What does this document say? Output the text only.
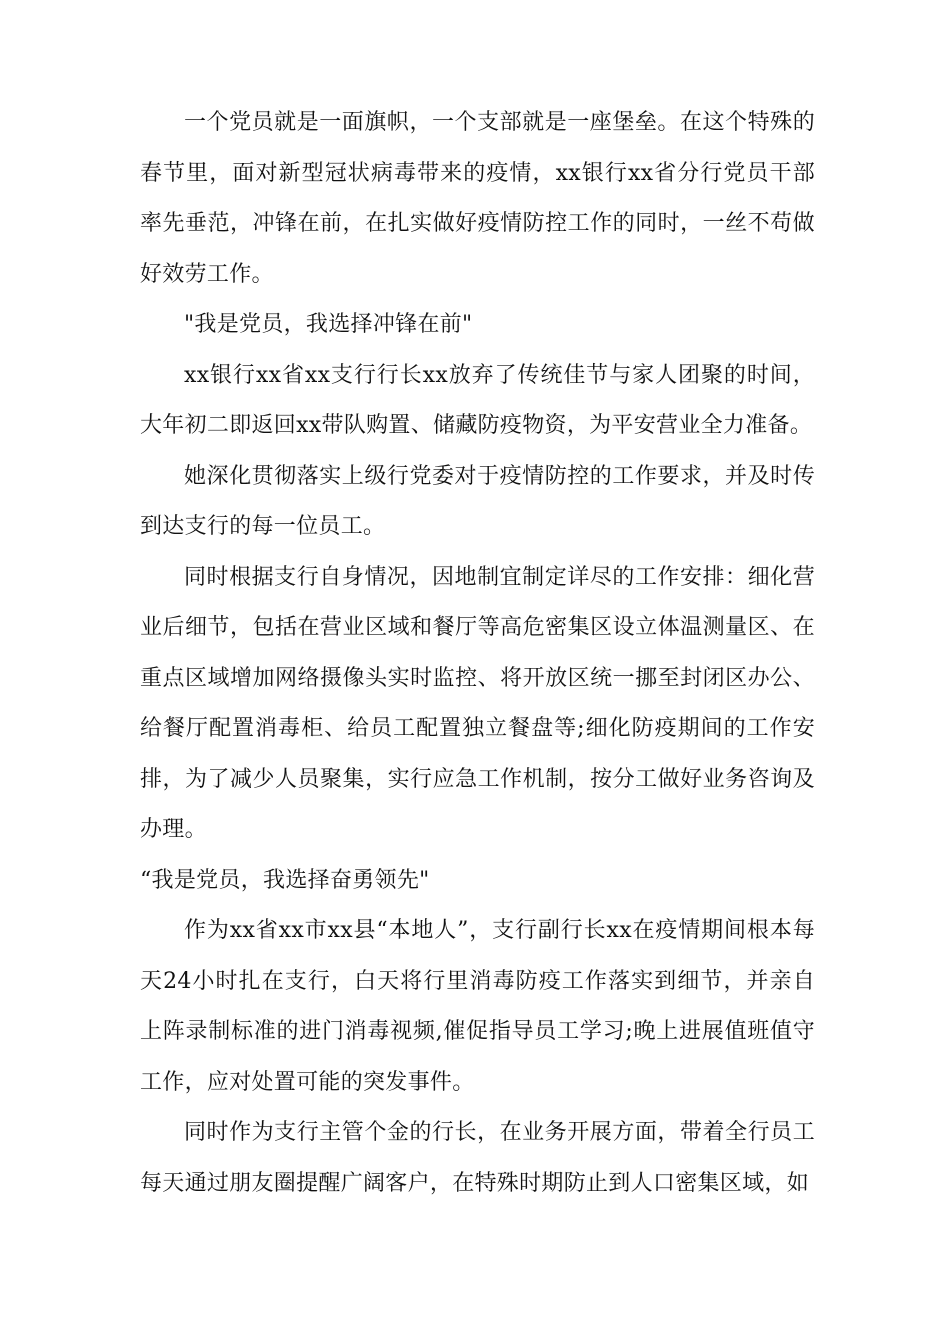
一个党员就是一面旗帜，一个支部就是一座堡垒。在这个特殊的春节里，面对新型冠状病毒带来的疫情，xx银行xx省分行党员干部率先垂范，冲锋在前，在扎实做好疫情防控工作的同时，一丝不苟做好效劳工作。

"我是党员，我选择冲锋在前"

xx银行xx省xx支行行长xx放弃了传统佳节与家人团聚的时间，大年初二即返回xx带队购置、储藏防疫物资，为平安营业全力准备。

她深化贯彻落实上级行党委对于疫情防控的工作要求，并及时传到达支行的每一位员工。

同时根据支行自身情况，因地制宜制定详尽的工作安排：细化营业后细节，包括在营业区域和餐厅等高危密集区设立体温测量区、在重点区域增加网络摄像头实时监控、将开放区统一挪至封闭区办公、给餐厅配置消毒柜、给员工配置独立餐盘等;细化防疫期间的工作安排，为了减少人员聚集，实行应急工作机制，按分工做好业务咨询及办理。

“我是党员，我选择奋勇领先"

作为xx省xx市xx县“本地人”，支行副行长xx在疫情期间根本每天24小时扎在支行，白天将行里消毒防疫工作落实到细节，并亲自上阵录制标准的进门消毒视频,催促指导员工学习;晚上进展值班值守工作，应对处置可能的突发事件。

同时作为支行主管个金的行长，在业务开展方面，带着全行员工每天通过朋友圈提醒广阔客户，在特殊时期防止到人口密集区域，如
